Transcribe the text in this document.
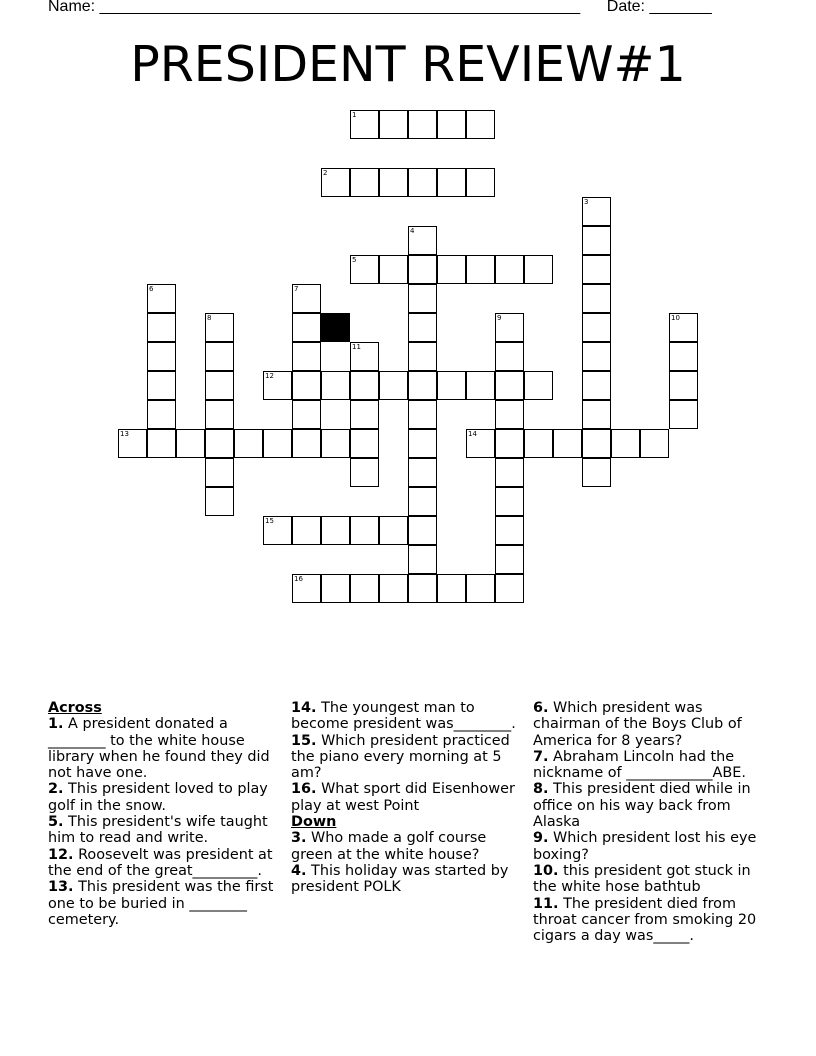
Name: ______________________________________________________      Date: _______
PRESIDENT REVIEW#1
1
2
3
4
5
6	7
8	9	10
11
12
13	14
15
16
Across

1. A president donated a ________ to the white house library when he found they did not have one.

2. This president loved to play golf in the snow.

5. This president's wife taught him to read and write.

12. Roosevelt was president at the end of the great_________.

13. This president was the first one to be buried in ________ cemetery.

14. The youngest man to become president was________.

15. Which president practiced the piano every morning at 5 am?

16. What sport did Eisenhower play at west Point

Down

3. Who made a golf course green at the white house?

4. This holiday was started by president POLK

6. Which president was chairman of the Boys Club of America for 8 years?

7. Abraham Lincoln had the nickname of ____________ABE.

8. This president died while in office on his way back from Alaska

9. Which president lost his eye boxing?

10. this president got stuck in the white hose bathtub

11. The president died from throat cancer from smoking 20 cigars a day was_____.
